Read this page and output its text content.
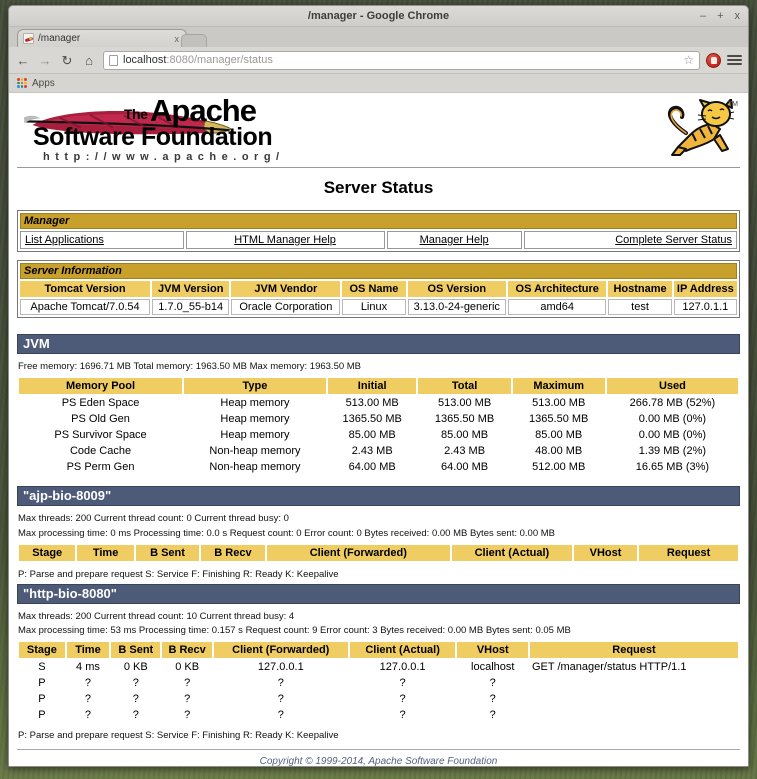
/manager - Google Chrome	– + x
/manager	x
← → ↻ ⌂	localhost:8080/manager/status	☆
Apps
The Apache
Software Foundation
http://www.apache.org/
TM
Server Status
Manager
List Applications	HTML Manager Help	Manager Help	Complete Server Status
Server Information							
Tomcat Version	JVM Version	JVM Vendor	OS Name	OS Version	OS Architecture	Hostname	IP Address
Apache Tomcat/7.0.54	1.7.0_55-b14	Oracle Corporation	Linux	3.13.0-24-generic	amd64	test	127.0.1.1
JVM
Free memory: 1696.71 MB Total memory: 1963.50 MB Max memory: 1963.50 MB
Memory Pool	Type	Initial	Total	Maximum	Used
PS Eden Space	Heap memory	513.00 MB	513.00 MB	513.00 MB	266.78 MB (52%)
PS Old Gen	Heap memory	1365.50 MB	1365.50 MB	1365.50 MB	0.00 MB (0%)
PS Survivor Space	Heap memory	85.00 MB	85.00 MB	85.00 MB	0.00 MB (0%)
Code Cache	Non-heap memory	2.43 MB	2.43 MB	48.00 MB	1.39 MB (2%)
PS Perm Gen	Non-heap memory	64.00 MB	64.00 MB	512.00 MB	16.65 MB (3%)
"ajp-bio-8009"
Max threads: 200 Current thread count: 0 Current thread busy: 0
Max processing time: 0 ms Processing time: 0.0 s Request count: 0 Error count: 0 Bytes received: 0.00 MB Bytes sent: 0.00 MB
Stage	Time	B Sent	B Recv	Client (Forwarded)	Client (Actual)	VHost	Request
P: Parse and prepare request S: Service F: Finishing R: Ready K: Keepalive
"http-bio-8080"
Max threads: 200 Current thread count: 10 Current thread busy: 4
Max processing time: 53 ms Processing time: 0.157 s Request count: 9 Error count: 3 Bytes received: 0.00 MB Bytes sent: 0.05 MB
Stage	Time	B Sent	B Recv	Client (Forwarded)	Client (Actual)	VHost	Request
S	4 ms	0 KB	0 KB	127.0.0.1	127.0.0.1	localhost	GET /manager/status HTTP/1.1
P	?	?	?	?	?	?	
P	?	?	?	?	?	?	
P	?	?	?	?	?	?	
P: Parse and prepare request S: Service F: Finishing R: Ready K: Keepalive
Copyright © 1999-2014, Apache Software Foundation
